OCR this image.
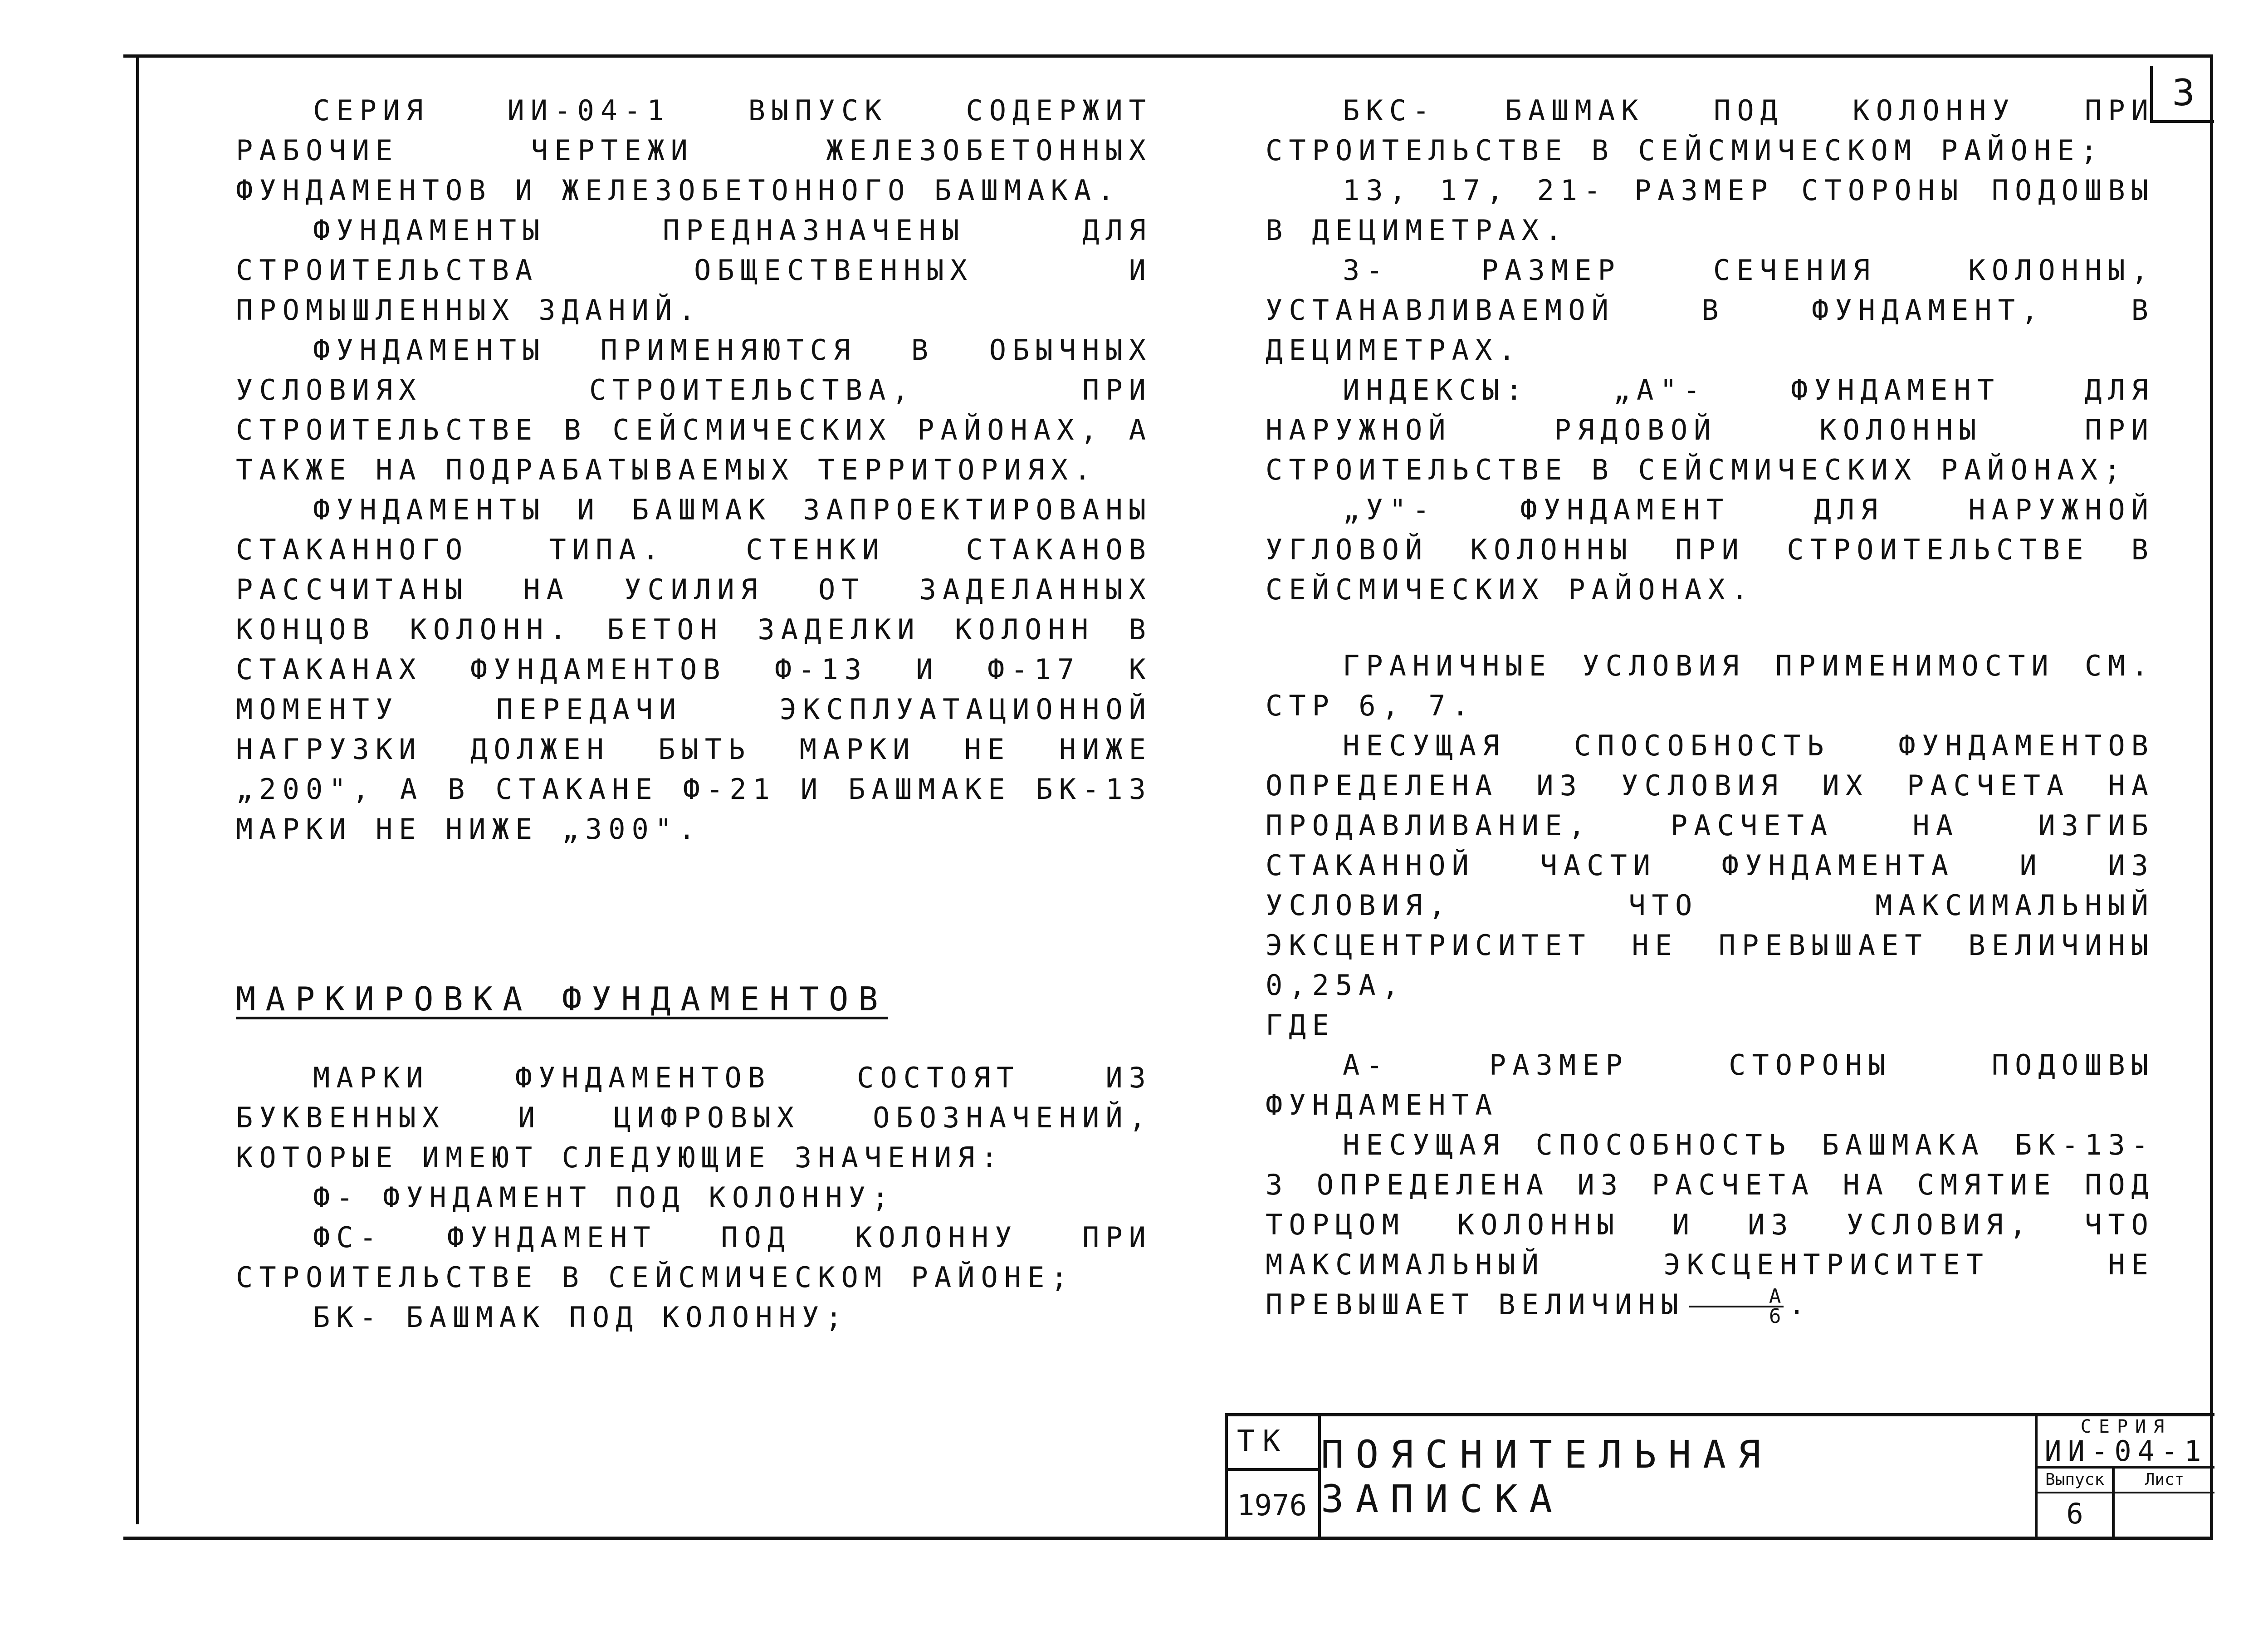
3

СЕРИЯ ИИ-04-1 ВЫПУСК СОДЕРЖИТ РАБОЧИЕ ЧЕРТЕЖИ ЖЕЛЕЗОБЕТОННЫХ ФУНДАМЕНТОВ И ЖЕЛЕЗОБЕТОННОГО БАШМАКА.

ФУНДАМЕНТЫ ПРЕДНАЗНАЧЕНЫ ДЛЯ СТРОИТЕЛЬСТВА ОБЩЕСТВЕННЫХ И ПРОМЫШЛЕННЫХ ЗДАНИЙ.

ФУНДАМЕНТЫ ПРИМЕНЯЮТСЯ В ОБЫЧНЫХ УСЛОВИЯХ СТРОИТЕЛЬСТВА, ПРИ СТРОИТЕЛЬСТВЕ В СЕЙСМИЧЕСКИХ РАЙОНАХ, А ТАКЖЕ НА ПОДРАБАТЫВАЕМЫХ ТЕРРИТОРИЯХ.

ФУНДАМЕНТЫ И БАШМАК ЗАПРОЕКТИРОВАНЫ СТАКАННОГО ТИПА. СТЕНКИ СТАКАНОВ РАССЧИТАНЫ НА УСИЛИЯ ОТ ЗАДЕЛАННЫХ КОНЦОВ КОЛОНН. БЕТОН ЗАДЕЛКИ КОЛОНН В СТАКАНАХ ФУНДАМЕНТОВ Ф-13 И Ф-17 К МОМЕНТУ ПЕРЕДАЧИ ЭКСПЛУАТАЦИОННОЙ НАГРУЗКИ ДОЛЖЕН БЫТЬ МАРКИ НЕ НИЖЕ „200", А В СТАКАНЕ Ф-21 И БАШМАКЕ БК-13 МАРКИ НЕ НИЖЕ „300".

МАРКИРОВКА ФУНДАМЕНТОВ

МАРКИ ФУНДАМЕНТОВ СОСТОЯТ ИЗ БУКВЕННЫХ И ЦИФРОВЫХ ОБОЗНАЧЕНИЙ, КОТОРЫЕ ИМЕЮТ СЛЕДУЮЩИЕ ЗНАЧЕНИЯ:

Ф- ФУНДАМЕНТ ПОД КОЛОННУ;

ФС- ФУНДАМЕНТ ПОД КОЛОННУ ПРИ СТРОИТЕЛЬСТВЕ В СЕЙСМИЧЕСКОМ РАЙОНЕ;

БК- БАШМАК ПОД КОЛОННУ;

БКС- БАШМАК ПОД КОЛОННУ ПРИ СТРОИТЕЛЬСТВЕ В СЕЙСМИЧЕСКОМ РАЙОНЕ;

13, 17, 21- РАЗМЕР СТОРОНЫ ПОДОШВЫ В ДЕЦИМЕТРАХ.

3- РАЗМЕР СЕЧЕНИЯ КОЛОННЫ, УСТАНАВЛИВАЕМОЙ В ФУНДАМЕНТ, В ДЕЦИМЕТРАХ.

ИНДЕКСЫ: „А"- ФУНДАМЕНТ ДЛЯ НАРУЖНОЙ РЯДОВОЙ КОЛОННЫ ПРИ СТРОИТЕЛЬСТВЕ В СЕЙСМИЧЕСКИХ РАЙОНАХ;

„У"- ФУНДАМЕНТ ДЛЯ НАРУЖНОЙ УГЛОВОЙ КОЛОННЫ ПРИ СТРОИТЕЛЬСТВЕ В СЕЙСМИЧЕСКИХ РАЙОНАХ.

ГРАНИЧНЫЕ УСЛОВИЯ ПРИМЕНИМОСТИ СМ. СТР 6, 7.

НЕСУЩАЯ СПОСОБНОСТЬ ФУНДАМЕНТОВ ОПРЕДЕЛЕНА ИЗ УСЛОВИЯ ИХ РАСЧЕТА НА ПРОДАВЛИВАНИЕ, РАСЧЕТА НА ИЗГИБ СТАКАННОЙ ЧАСТИ ФУНДАМЕНТА И ИЗ УСЛОВИЯ, ЧТО МАКСИМАЛЬНЫЙ ЭКСЦЕНТРИСИТЕТ НЕ ПРЕВЫШАЕТ ВЕЛИЧИНЫ 0,25А,

ГДЕ

А- РАЗМЕР СТОРОНЫ ПОДОШВЫ ФУНДАМЕНТА

НЕСУЩАЯ СПОСОБНОСТЬ БАШМАКА БК-13-3 ОПРЕДЕЛЕНА ИЗ РАСЧЕТА НА СМЯТИЕ ПОД ТОРЦОМ КОЛОННЫ И ИЗ УСЛОВИЯ, ЧТО МАКСИМАЛЬНЫЙ ЭКСЦЕНТРИСИТЕТ НЕ ПРЕВЫШАЕТ ВЕЛИЧИНЫ $\frac{А}{6}$ .

ТК
1976
ПОЯСНИТЕЛЬНАЯ ЗАПИСКА
СЕРИЯ
ИИ-04-1
Выпуск	Лист
6
